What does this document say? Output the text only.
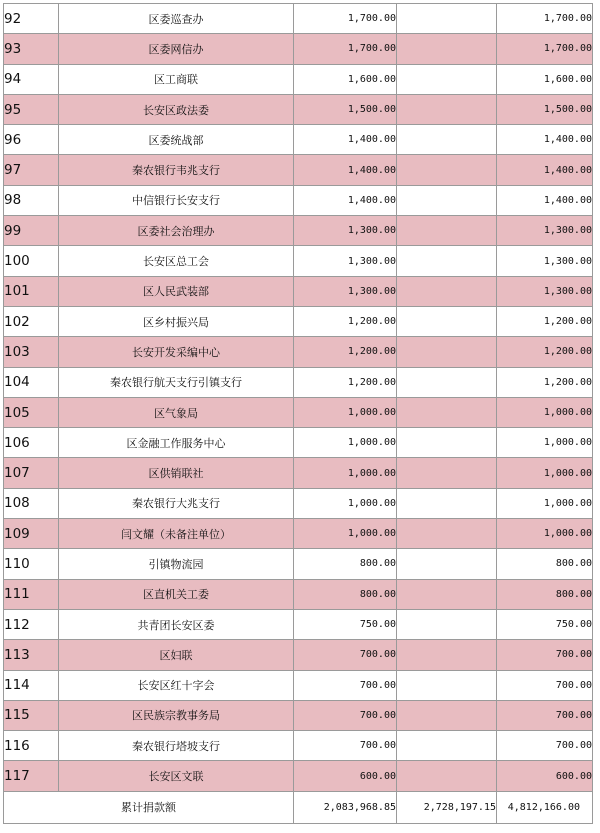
92	区委巡查办	1,700.00		1,700.00
93	区委网信办	1,700.00		1,700.00
94	区工商联	1,600.00		1,600.00
95	长安区政法委	1,500.00		1,500.00
96	区委统战部	1,400.00		1,400.00
97	秦农银行韦兆支行	1,400.00		1,400.00
98	中信银行长安支行	1,400.00		1,400.00
99	区委社会治理办	1,300.00		1,300.00
100	长安区总工会	1,300.00		1,300.00
101	区人民武装部	1,300.00		1,300.00
102	区乡村振兴局	1,200.00		1,200.00
103	长安开发采编中心	1,200.00		1,200.00
104	秦农银行航天支行引镇支行	1,200.00		1,200.00
105	区气象局	1,000.00		1,000.00
106	区金融工作服务中心	1,000.00		1,000.00
107	区供销联社	1,000.00		1,000.00
108	秦农银行大兆支行	1,000.00		1,000.00
109	闫文耀（未备注单位）	1,000.00		1,000.00
110	引镇物流园	800.00		800.00
111	区直机关工委	800.00		800.00
112	共青团长安区委	750.00		750.00
113	区妇联	700.00		700.00
114	长安区红十字会	700.00		700.00
115	区民族宗教事务局	700.00		700.00
116	秦农银行塔坡支行	700.00		700.00
117	长安区文联	600.00		600.00
累计捐款额		2,083,968.85	2,728,197.15	4,812,166.00
